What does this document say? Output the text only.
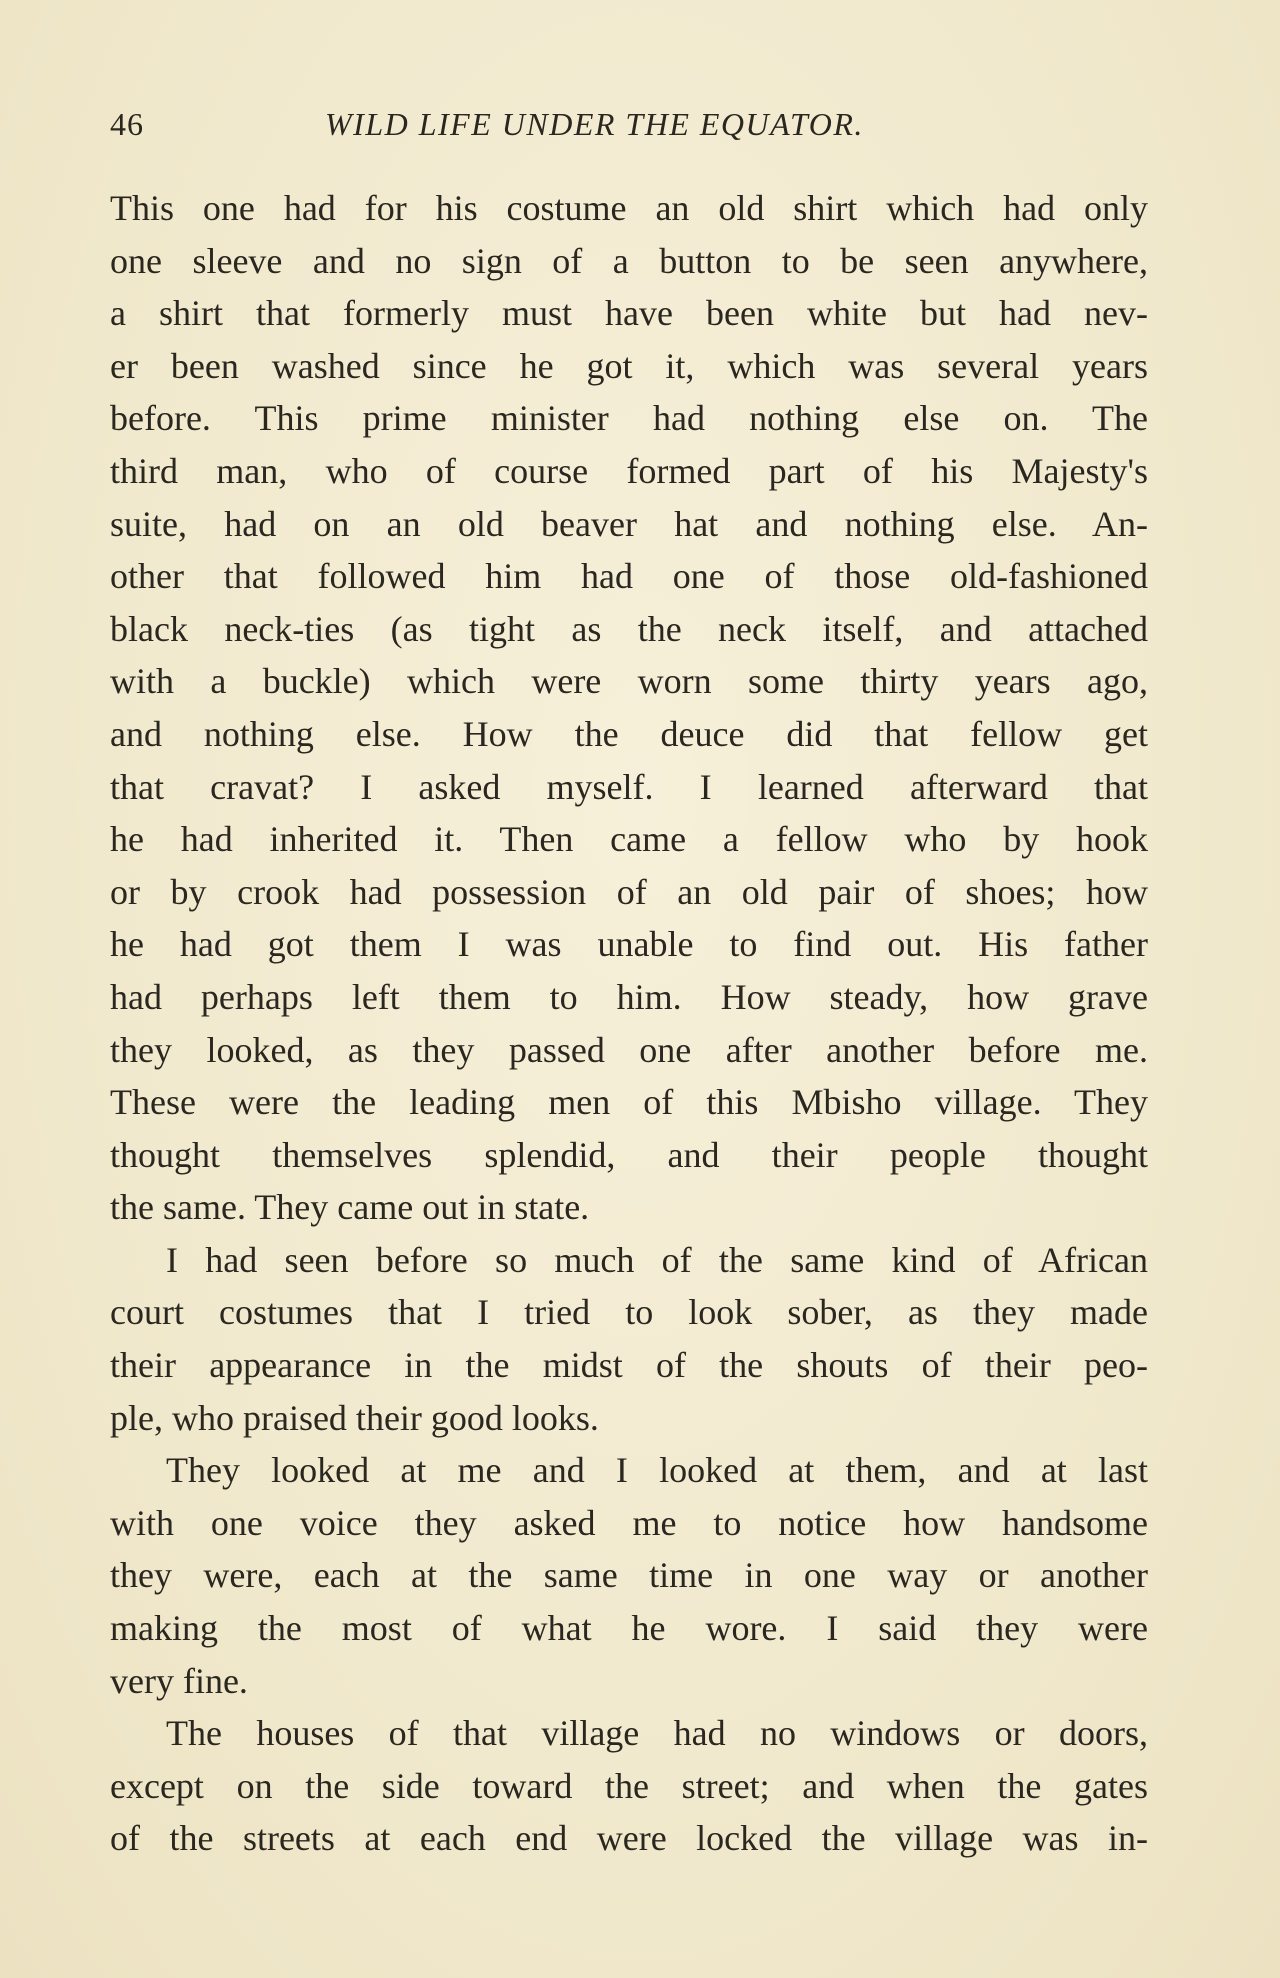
46	WILD LIFE UNDER THE EQUATOR.
This one had for his costume an old shirt which had only
one sleeve and no sign of a button to be seen anywhere,
a shirt that formerly must have been white but had nev-
er been washed since he got it, which was several years
before. This prime minister had nothing else on. The
third man, who of course formed part of his Majesty's
suite, had on an old beaver hat and nothing else. An-
other that followed him had one of those old-fashioned
black neck-ties (as tight as the neck itself, and attached
with a buckle) which were worn some thirty years ago,
and nothing else. How the deuce did that fellow get
that cravat? I asked myself. I learned afterward that
he had inherited it. Then came a fellow who by hook
or by crook had possession of an old pair of shoes; how
he had got them I was unable to find out. His father
had perhaps left them to him. How steady, how grave
they looked, as they passed one after another before me.
These were the leading men of this Mbisho village. They
thought themselves splendid, and their people thought
the same. They came out in state.
I had seen before so much of the same kind of African
court costumes that I tried to look sober, as they made
their appearance in the midst of the shouts of their peo-
ple, who praised their good looks.
They looked at me and I looked at them, and at last
with one voice they asked me to notice how handsome
they were, each at the same time in one way or another
making the most of what he wore. I said they were
very fine.
The houses of that village had no windows or doors,
except on the side toward the street; and when the gates
of the streets at each end were locked the village was in-
